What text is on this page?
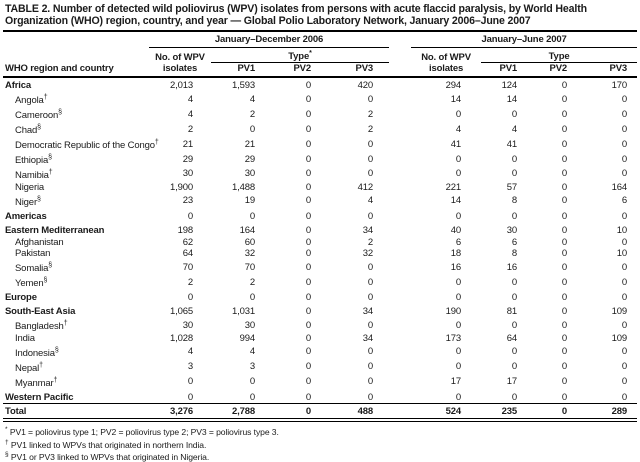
TABLE 2. Number of detected wild poliovirus (WPV) isolates from persons with acute flaccid paralysis, by World Health
Organization (WHO) region, country, and year — Global Polio Laboratory Network, January 2006–June 2007
WHO region and country	January–December 2006					January–June 2007			

	No. of WPV
isolates	Type*				No. of WPV
isolates	Type		
		PV1	PV2	PV3			PV1	PV2	PV3
Africa	2,013	1,593	0	420		294	124	0	170
Angola†	4	4	0	0		14	14	0	0
Cameroon§	4	2	0	2		0	0	0	0
Chad§	2	0	0	2		4	4	0	0
Democratic Republic of the Congo†	21	21	0	0		41	41	0	0
Ethiopia§	29	29	0	0		0	0	0	0
Namibia†	30	30	0	0		0	0	0	0
Nigeria	1,900	1,488	0	412		221	57	0	164
Niger§	23	19	0	4		14	8	0	6
Americas	0	0	0	0		0	0	0	0
Eastern Mediterranean	198	164	0	34		40	30	0	10
Afghanistan	62	60	0	2		6	6	0	0
Pakistan	64	32	0	32		18	8	0	10
Somalia§	70	70	0	0		16	16	0	0
Yemen§	2	2	0	0		0	0	0	0
Europe	0	0	0	0		0	0	0	0
South-East Asia	1,065	1,031	0	34		190	81	0	109
Bangladesh†	30	30	0	0		0	0	0	0
India	1,028	994	0	34		173	64	0	109
Indonesia§	4	4	0	0		0	0	0	0
Nepal†	3	3	0	0		0	0	0	0
Myanmar†	0	0	0	0		17	17	0	0
Western Pacific	0	0	0	0		0	0	0	0
Total	3,276	2,788	0	488		524	235	0	289
* PV1 = poliovirus type 1; PV2 = poliovirus type 2; PV3 = poliovirus type 3.
† PV1 linked to WPVs that originated in northern India.
§ PV1 or PV3 linked to WPVs that originated in Nigeria.
